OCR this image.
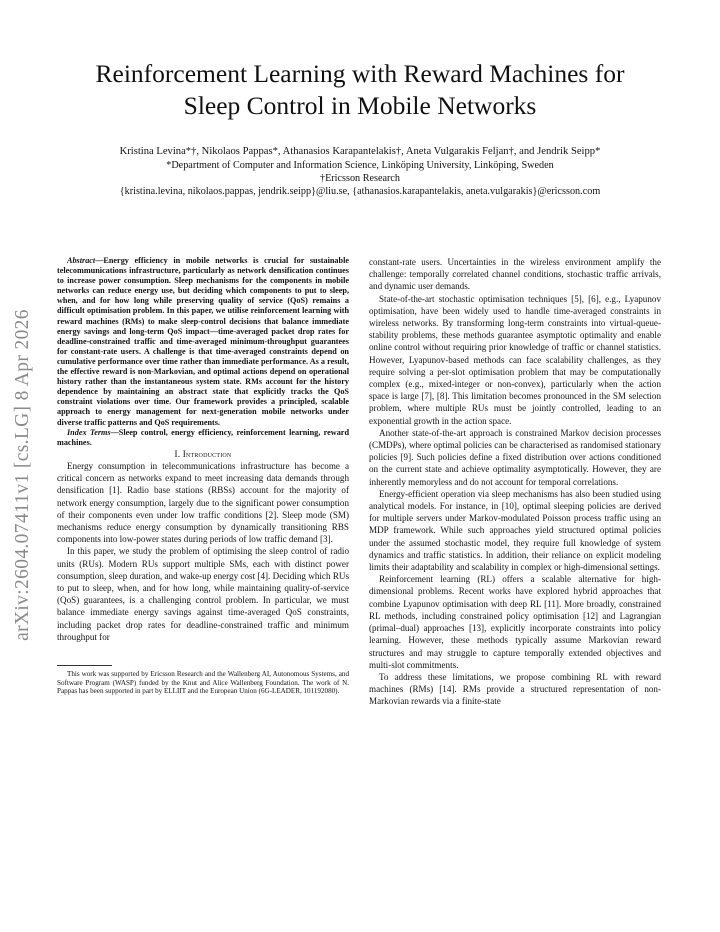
arXiv:2604.07411v1 [cs.LG] 8 Apr 2026
Reinforcement Learning with Reward Machines for
Sleep Control in Mobile Networks
Kristina Levina*†, Nikolaos Pappas*, Athanasios Karapantelakis†, Aneta Vulgarakis Feljan†, and Jendrik Seipp*
*Department of Computer and Information Science, Linköping University, Linköping, Sweden
†Ericsson Research
{kristina.levina, nikolaos.pappas, jendrik.seipp}@liu.se, {athanasios.karapantelakis, aneta.vulgarakis}@ericsson.com

Abstract—Energy efficiency in mobile networks is crucial for sustainable telecommunications infrastructure, particularly as network densification continues to increase power consumption. Sleep mechanisms for the components in mobile networks can reduce energy use, but deciding which components to put to sleep, when, and for how long while preserving quality of service (QoS) remains a difficult optimisation problem. In this paper, we utilise reinforcement learning with reward machines (RMs) to make sleep-control decisions that balance immediate energy savings and long-term QoS impact—time-averaged packet drop rates for deadline-constrained traffic and time-averaged minimum-throughput guarantees for constant-rate users. A challenge is that time-averaged constraints depend on cumulative performance over time rather than immediate performance. As a result, the effective reward is non-Markovian, and optimal actions depend on operational history rather than the instantaneous system state. RMs account for the history dependence by maintaining an abstract state that explicitly tracks the QoS constraint violations over time. Our framework provides a principled, scalable approach to energy management for next-generation mobile networks under diverse traffic patterns and QoS requirements.

Index Terms—Sleep control, energy efficiency, reinforcement learning, reward machines.

I. Introduction

Energy consumption in telecommunications infrastructure has become a critical concern as networks expand to meet increasing data demands through densification [1]. Radio base stations (RBSs) account for the majority of network energy consumption, largely due to the significant power consumption of their components even under low traffic conditions [2]. Sleep mode (SM) mechanisms reduce energy consumption by dynamically transitioning RBS components into low-power states during periods of low traffic demand [3].

In this paper, we study the problem of optimising the sleep control of radio units (RUs). Modern RUs support multiple SMs, each with distinct power consumption, sleep duration, and wake-up energy cost [4]. Deciding which RUs to put to sleep, when, and for how long, while maintaining quality-of-service (QoS) guarantees, is a challenging control problem. In particular, we must balance immediate energy savings against time-averaged QoS constraints, including packet drop rates for deadline-constrained traffic and minimum throughput for

This work was supported by Ericsson Research and the Wallenberg AI, Autonomous Systems, and Software Program (WASP) funded by the Knut and Alice Wallenberg Foundation. The work of N. Pappas has been supported in part by ELLIIT and the European Union (6G-LEADER, 101192080).

constant-rate users. Uncertainties in the wireless environment amplify the challenge: temporally correlated channel conditions, stochastic traffic arrivals, and dynamic user demands.

State-of-the-art stochastic optimisation techniques [5], [6], e.g., Lyapunov optimisation, have been widely used to handle time-averaged constraints in wireless networks. By transforming long-term constraints into virtual-queue-stability problems, these methods guarantee asymptotic optimality and enable online control without requiring prior knowledge of traffic or channel statistics. However, Lyapunov-based methods can face scalability challenges, as they require solving a per-slot optimisation problem that may be computationally complex (e.g., mixed-integer or non-convex), particularly when the action space is large [7], [8]. This limitation becomes pronounced in the SM selection problem, where multiple RUs must be jointly controlled, leading to an exponential growth in the action space.

Another state-of-the-art approach is constrained Markov decision processes (CMDPs), where optimal policies can be characterised as randomised stationary policies [9]. Such policies define a fixed distribution over actions conditioned on the current state and achieve optimality asymptotically. However, they are inherently memoryless and do not account for temporal correlations.

Energy-efficient operation via sleep mechanisms has also been studied using analytical models. For instance, in [10], optimal sleeping policies are derived for multiple servers under Markov-modulated Poisson process traffic using an MDP framework. While such approaches yield structured optimal policies under the assumed stochastic model, they require full knowledge of system dynamics and traffic statistics. In addition, their reliance on explicit modeling limits their adaptability and scalability in complex or high-dimensional settings.

Reinforcement learning (RL) offers a scalable alternative for high-dimensional problems. Recent works have explored hybrid approaches that combine Lyapunov optimisation with deep RL [11]. More broadly, constrained RL methods, including constrained policy optimisation [12] and Lagrangian (primal–dual) approaches [13], explicitly incorporate constraints into policy learning. However, these methods typically assume Markovian reward structures and may struggle to capture temporally extended objectives and multi-slot commitments.

To address these limitations, we propose combining RL with reward machines (RMs) [14]. RMs provide a structured representation of non-Markovian rewards via a finite-state
